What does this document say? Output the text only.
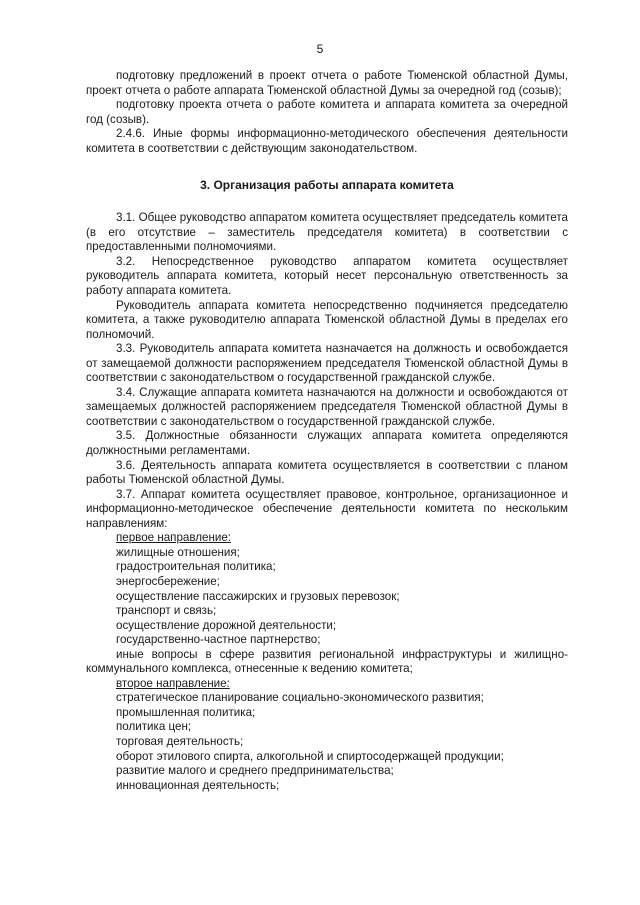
5

подготовку предложений в проект отчета о работе Тюменской областной Думы, проект отчета о работе аппарата Тюменской областной Думы за очередной год (созыв);

подготовку проекта отчета о работе комитета и аппарата комитета за очередной год (созыв).

2.4.6. Иные формы информационно-методического обеспечения деятельности комитета в соответствии с действующим законодательством.

3. Организация работы аппарата комитета

3.1. Общее руководство аппаратом комитета осуществляет председатель комитета (в его отсутствие – заместитель председателя комитета) в соответствии с предоставленными полномочиями.

3.2. Непосредственное руководство аппаратом комитета осуществляет руководитель аппарата комитета, который несет персональную ответственность за работу аппарата комитета.

Руководитель аппарата комитета непосредственно подчиняется председателю комитета, а также руководителю аппарата Тюменской областной Думы в пределах его полномочий.

3.3. Руководитель аппарата комитета назначается на должность и освобождается от замещаемой должности распоряжением председателя Тюменской областной Думы в соответствии с законодательством о государственной гражданской службе.

3.4. Служащие аппарата комитета назначаются на должности и освобождаются от замещаемых должностей распоряжением председателя Тюменской областной Думы в соответствии с законодательством о государственной гражданской службе.

3.5. Должностные обязанности служащих аппарата комитета определяются должностными регламентами.

3.6. Деятельность аппарата комитета осуществляется в соответствии с планом работы Тюменской областной Думы.

3.7. Аппарат комитета осуществляет правовое, контрольное, организационное и информационно-методическое обеспечение деятельности комитета по нескольким направлениям:

первое направление:
жилищные отношения;
градостроительная политика;
энергосбережение;
осуществление пассажирских и грузовых перевозок;
транспорт и связь;
осуществление дорожной деятельности;
государственно-частное партнерство;
иные вопросы в сфере развития региональной инфраструктуры и жилищно-коммунального комплекса, отнесенные к ведению комитета;
второе направление:
стратегическое планирование социально-экономического развития;
промышленная политика;
политика цен;
торговая деятельность;
оборот этилового спирта, алкогольной и спиртосодержащей продукции;
развитие малого и среднего предпринимательства;
инновационная деятельность;
